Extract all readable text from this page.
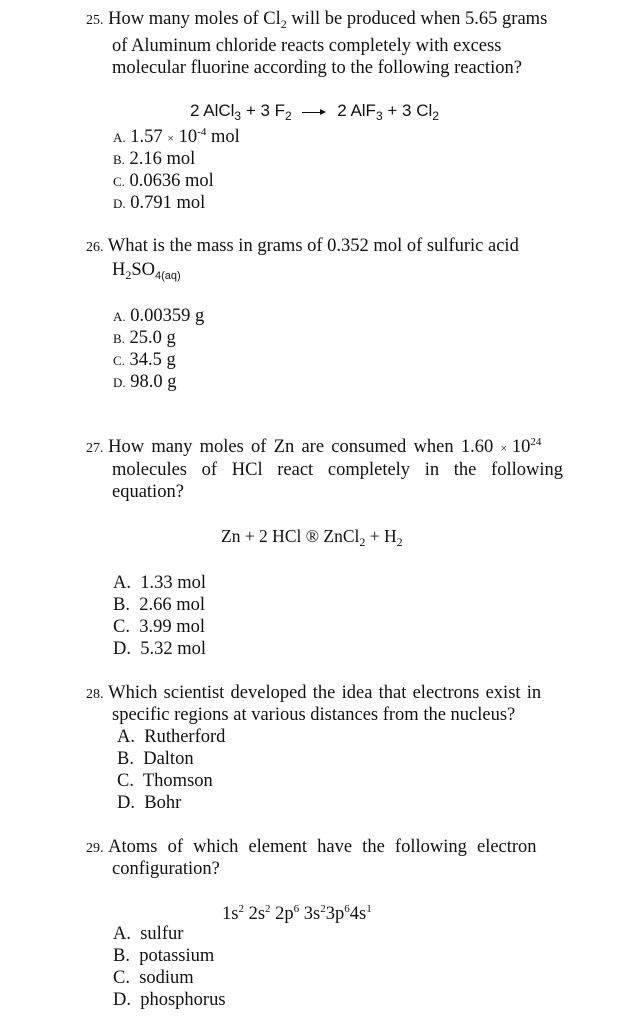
25. How many moles of $Cl_2$ will be produced when 5.65 grams
of Aluminum chloride reacts completely with excess
molecular fluorine according to the following reaction?
2 AlCl$_3$ + 3 $F_2$	2 AlF$_3$ + 3 $Cl_2$
A. $1.57 \times 10^{-4}$ mol
B. 2.16 mol
C. 0.0636 mol
D. 0.791 mol
26. What is the mass in grams of 0.352 mol of sulfuric acid
$H_2SO_{4(aq)}$
A. 0.00359 g
B. 25.0 g
C. 34.5 g
D. 98.0 g
27. How many moles of Zn are consumed when $1.60 \times 10^{24}$
molecules of HCl react completely in the following
equation?
Zn + 2 HCl ® ZnCl$_2$ + $H_2$
A.  1.33 mol
B.  2.66 mol
C.  3.99 mol
D.  5.32 mol
28. Which scientist developed the idea that electrons exist in
specific regions at various distances from the nucleus?
A.  Rutherford
B.  Dalton
C.  Thomson
D.  Bohr
29. Atoms of which element have the following electron
configuration?
$1s^2$ $2s^2$ $2p^6$ $3s^23p^64s^1$
A.  sulfur
B.  potassium
C.  sodium
D.  phosphorus
